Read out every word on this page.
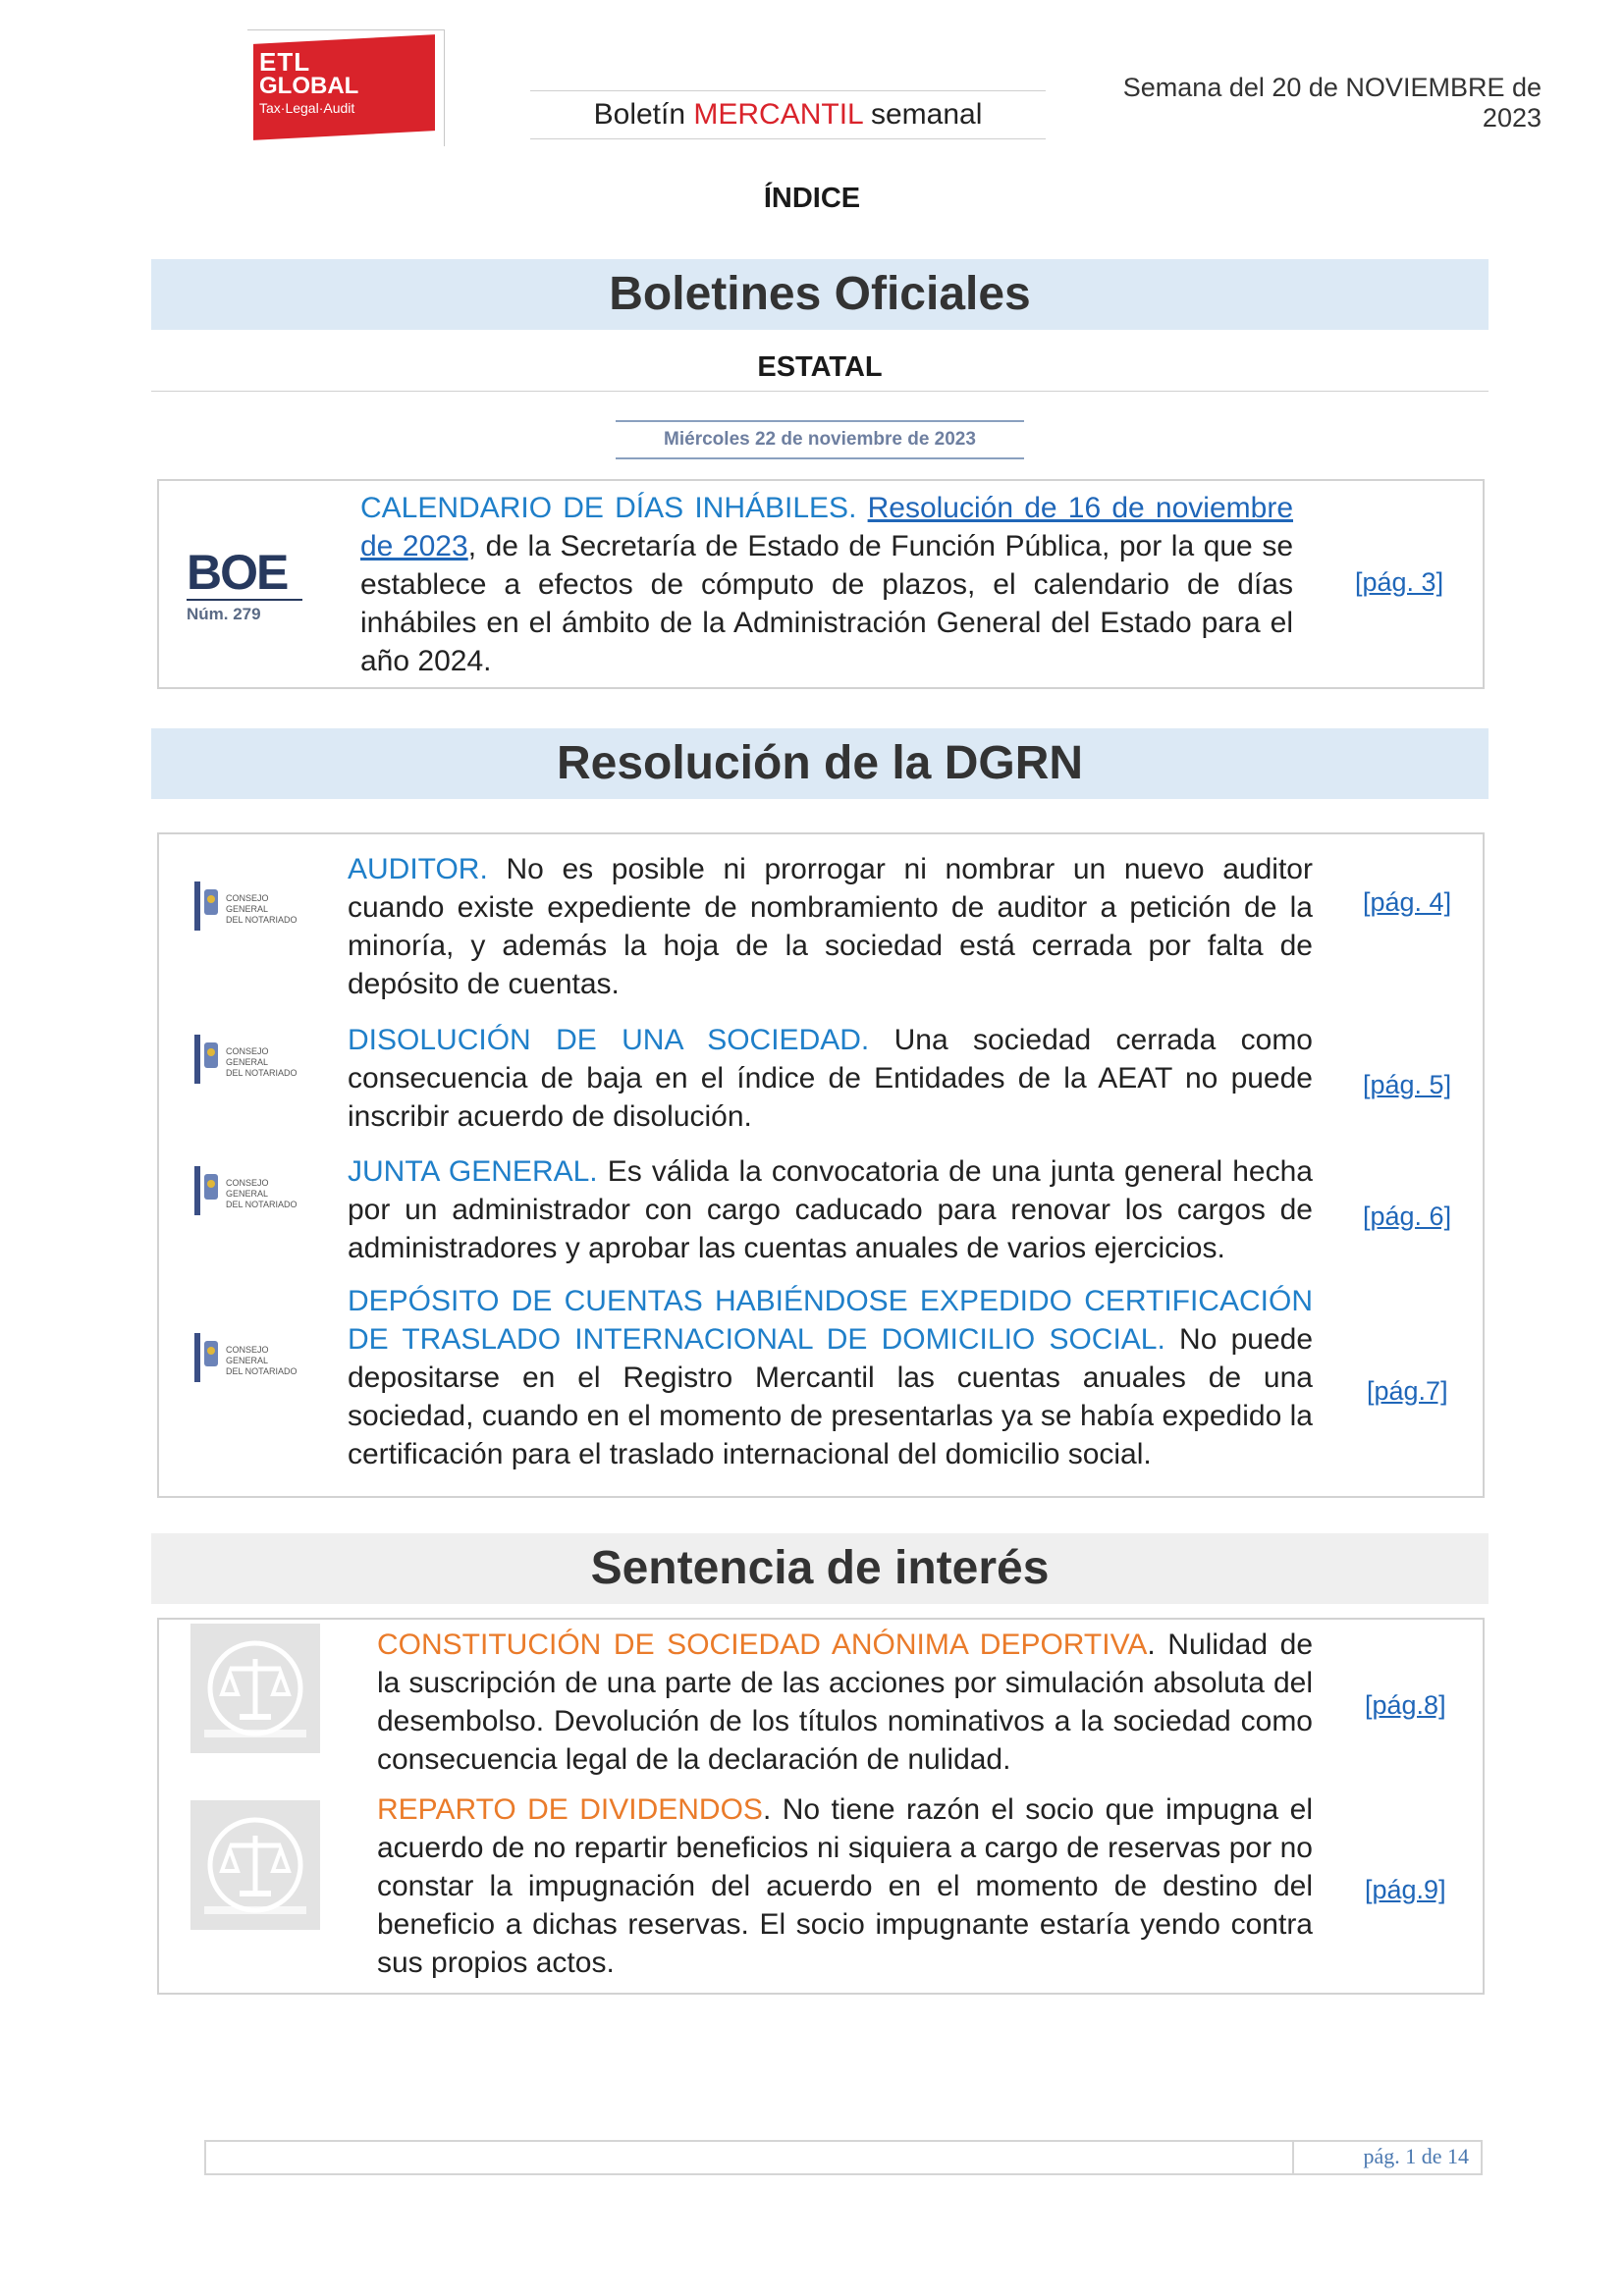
ETL
GLOBAL
Tax·Legal·Audit	Boletín MERCANTIL semanal
Semana del 20 de NOVIEMBRE de 2023
ÍNDICE
Boletines Oficiales
ESTATAL
Miércoles 22 de noviembre de 2023
BOE
Núm. 279
CALENDARIO DE DÍAS INHÁBILES. Resolución de 16 de noviembre de 2023, de la Secretaría de Estado de Función Pública, por la que se establece a efectos de cómputo de plazos, el calendario de días inhábiles en el ámbito de la Administración General del Estado para el año 2024.
[pág. 3]
Resolución de la DGRN
CONSEJO GENERAL
DEL NOTARIADO
AUDITOR. No es posible ni prorrogar ni nombrar un nuevo auditor cuando existe expediente de nombramiento de auditor a petición de la minoría, y además la hoja de la sociedad está cerrada por falta de depósito de cuentas.
[pág. 4]
CONSEJO GENERAL
DEL NOTARIADO
DISOLUCIÓN DE UNA SOCIEDAD. Una sociedad cerrada como consecuencia de baja en el índice de Entidades de la AEAT no puede inscribir acuerdo de disolución.
[pág. 5]
CONSEJO GENERAL
DEL NOTARIADO
JUNTA GENERAL. Es válida la convocatoria de una junta general hecha por un administrador con cargo caducado para renovar los cargos de administradores y aprobar las cuentas anuales de varios ejercicios.
[pág. 6]
CONSEJO GENERAL
DEL NOTARIADO
DEPÓSITO DE CUENTAS HABIÉNDOSE EXPEDIDO CERTIFICACIÓN DE TRASLADO INTERNACIONAL DE DOMICILIO SOCIAL. No puede depositarse en el Registro Mercantil las cuentas anuales de una sociedad, cuando en el momento de presentarlas ya se había expedido la certificación para el traslado internacional del domicilio social.
[pág.7]
Sentencia de interés
CONSTITUCIÓN DE SOCIEDAD ANÓNIMA DEPORTIVA. Nulidad de la suscripción de una parte de las acciones por simulación absoluta del desembolso. Devolución de los títulos nominativos a la sociedad como consecuencia legal de la declaración de nulidad.
[pág.8]
REPARTO DE DIVIDENDOS. No tiene razón el socio que impugna el acuerdo de no repartir beneficios ni siquiera a cargo de reservas por no constar la impugnación del acuerdo en el momento de destino del beneficio a dichas reservas. El socio impugnante estaría yendo contra sus propios actos.
[pág.9]
pág. 1 de 14
